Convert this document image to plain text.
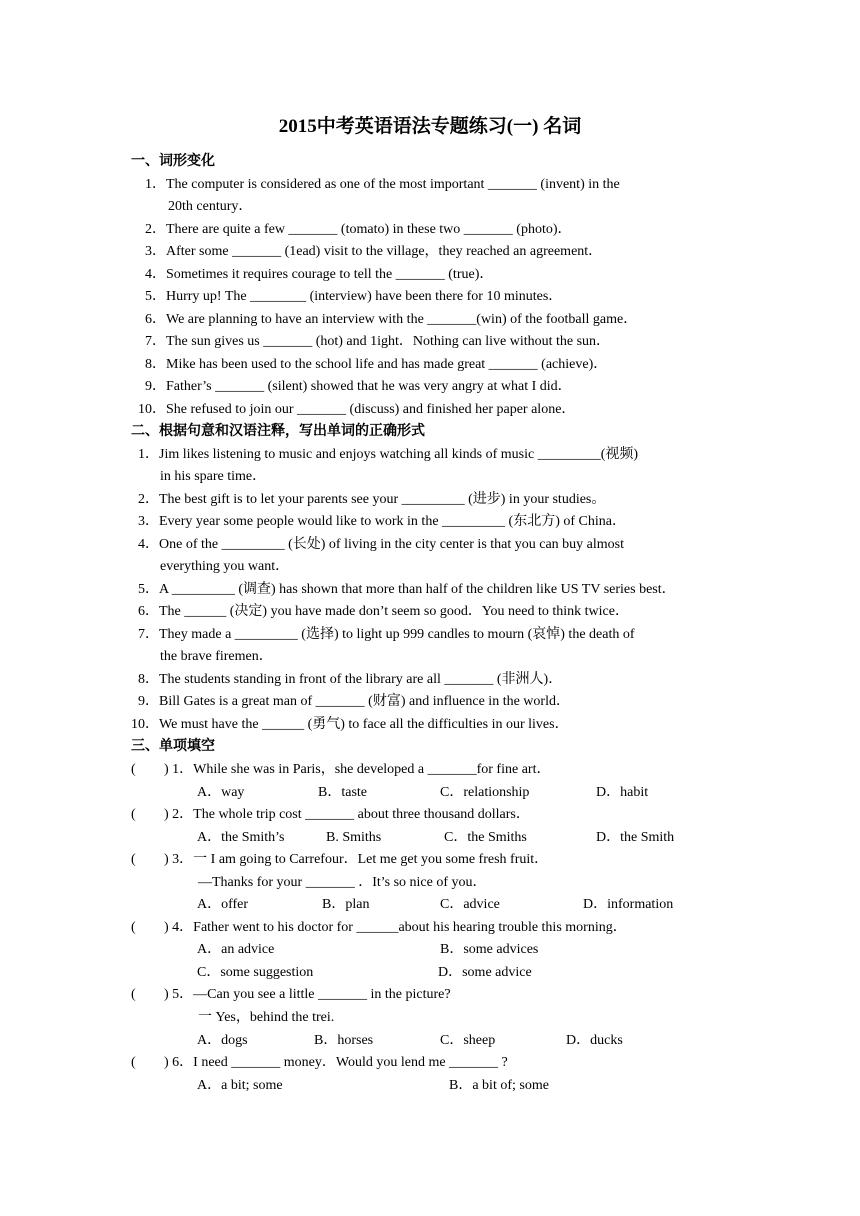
2015中考英语语法专题练习(一) 名词
一、词形变化
1．The computer is considered as one of the most important _______ (invent) in the
20th century．
2．There are quite a few _______ (tomato) in these two _______ (photo)．
3．After some _______ (1ead) visit to the village，they reached an agreement．
4．Sometimes it requires courage to tell the _______ (true)．
5．Hurry up! The ________ (interview) have been there for 10 minutes．
6．We are planning to have an interview with the _______(win) of the football game．
7．The sun gives us _______ (hot) and 1ight．Nothing can live without the sun．
8．Mike has been used to the school life and has made great _______ (achieve)．
9．Father’s _______ (silent) showed that he was very angry at what I did．
10．She refused to join our _______ (discuss) and finished her paper alone．
二、根据句意和汉语注释，写出单词的正确形式
1．Jim likes listening to music and enjoys watching all kinds of music _________(视频)
in his spare time．
2．The best gift is to let your parents see your _________ (进步) in your studies。
3．Every year some people would like to work in the _________ (东北方) of China．
4．One of the _________ (长处) of living in the city center is that you can buy almost
everything you want．
5．A _________ (调查) has shown that more than half of the children like US TV series best．
6．The ______ (决定) you have made don’t seem so good．You need to think twice．
7．They made a _________ (选择) to light up 999 candles to mourn (哀悼) the death of
the brave firemen．
8．The students standing in front of the library are all _______ (非洲人)．
9．Bill Gates is a great man of _______ (财富) and influence in the world．
10．We must have the ______ (勇气) to face all the difficulties in our lives．
三、单项填空
( ) 1．While she was in Paris，she developed a _______for fine art．
A．way	B．taste	C．relationship	D．habit
( ) 2．The whole trip cost _______ about three thousand dollars．
A．the Smith’s	B. Smiths	C．the Smiths	D．the Smith
( ) 3．一 I am going to Carrefour．Let me get you some fresh fruit．
—Thanks for your _______ ．It’s so nice of you．
A．offer	B．plan	C．advice	D．information
( ) 4．Father went to his doctor for ______about his hearing trouble this morning．
A．an advice	B．some advices
C．some suggestion	D．some advice
( ) 5．—Can you see a little _______ in the picture?
一 Yes，behind the trei.
A．dogs	B．horses	C．sheep	D．ducks
( ) 6．I need _______ money．Would you lend me _______ ?
A．a bit; some	B．a bit of; some
